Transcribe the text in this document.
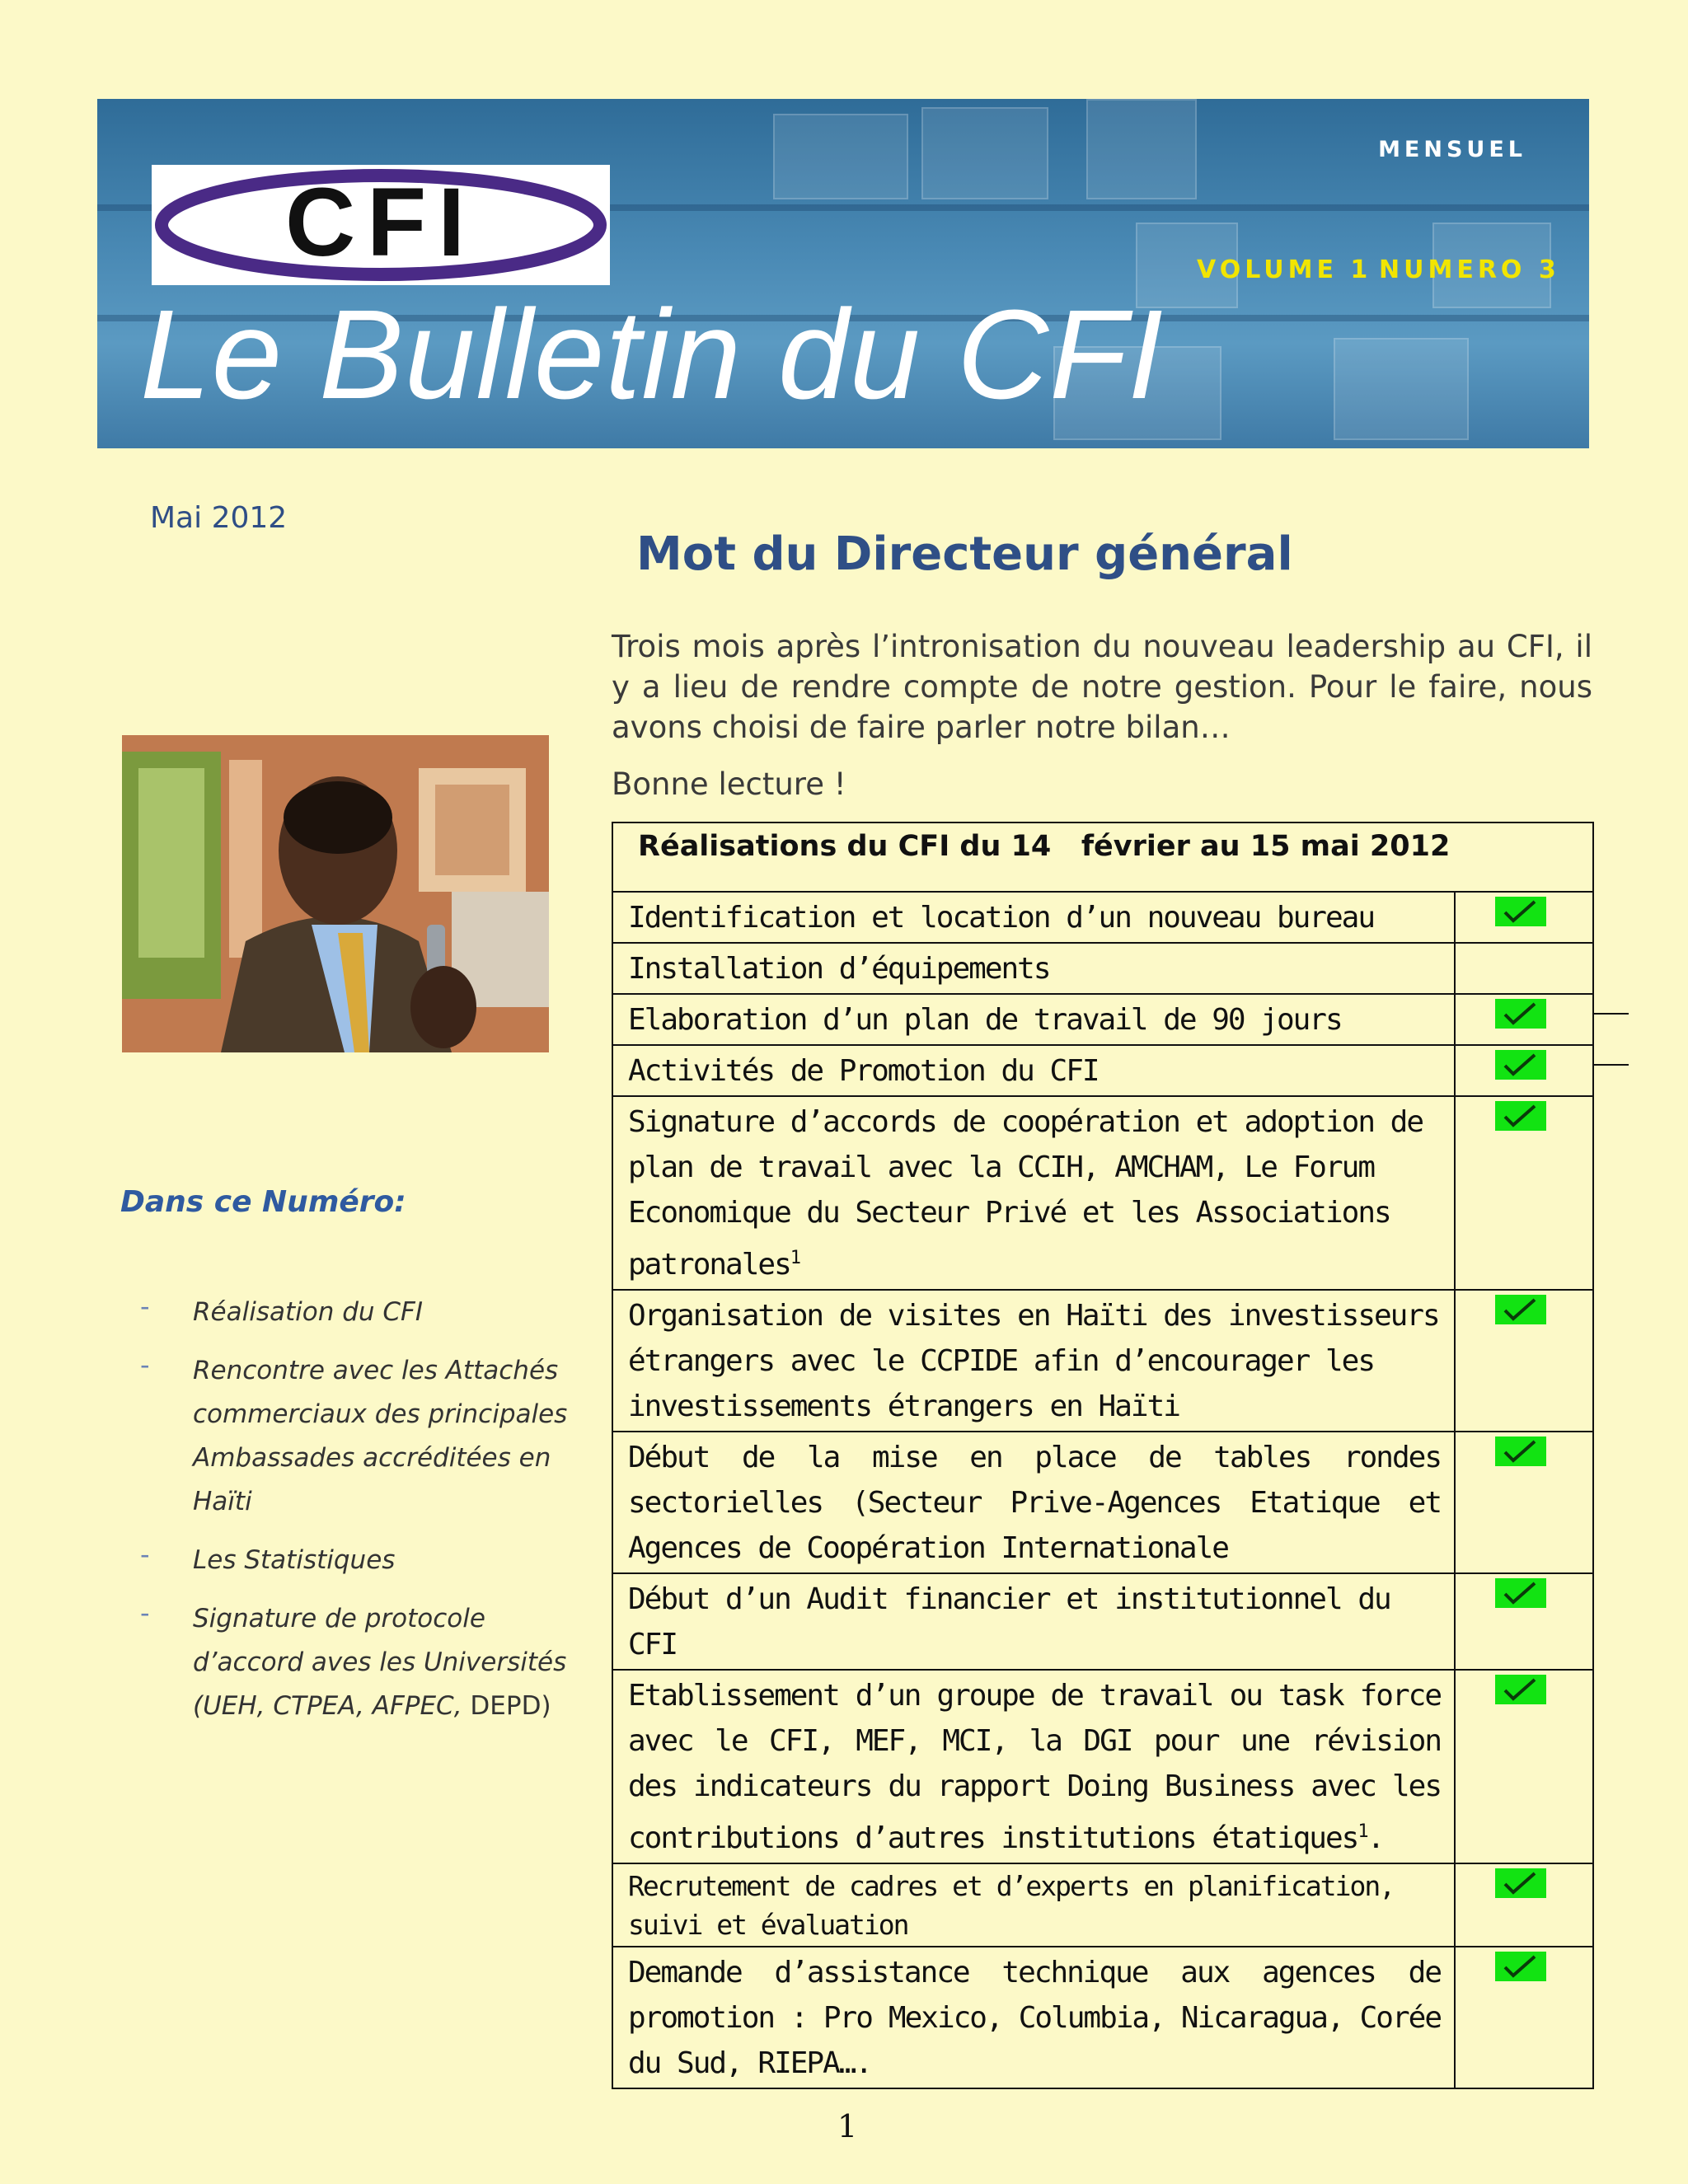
CFI
MENSUEL
VOLUME 1 NUMERO 3
Le Bulletin du CFI
Mai 2012
Dans ce Numéro:
- Réalisation du CFI
- Rencontre avec les Attachés commerciaux des principales Ambassades accréditées en Haïti
- Les Statistiques
- Signature de protocole d’accord aves les Universités (UEH, CTPEA, AFPEC, DEPD)
Mot du Directeur général
Trois mois après l’intronisation du nouveau leadership au CFI, il y a lieu de rendre compte de notre gestion. Pour le faire, nous avons choisi de faire parler notre bilan…
Bonne lecture !
Réalisations du CFI du 14   février au 15 mai 2012
Identification et location d’un nouveau bureau
Installation d’équipements
Elaboration d’un plan de travail de 90 jours
Activités de Promotion du CFI
Signature d’accords de coopération et adoption de plan de travail avec la CCIH, AMCHAM, Le Forum Economique du Secteur Privé et les Associations patronales$^1$
Organisation de visites en Haïti des investisseurs étrangers avec le CCPIDE afin d’encourager les investissements étrangers en Haïti
Début de la mise en place de tables rondes sectorielles (Secteur Prive-Agences Etatique et Agences de Coopération Internationale
Début d’un Audit financier et institutionnel du CFI
Etablissement d’un groupe de travail ou task force avec le CFI, MEF, MCI, la DGI pour une révision des indicateurs du rapport Doing Business avec les contributions d’autres institutions étatiques$^1$.
Recrutement de cadres et d’experts en planification, suivi et évaluation
Demande d’assistance technique aux agences de promotion : Pro Mexico, Columbia, Nicaragua, Corée du Sud, RIEPA….
1
